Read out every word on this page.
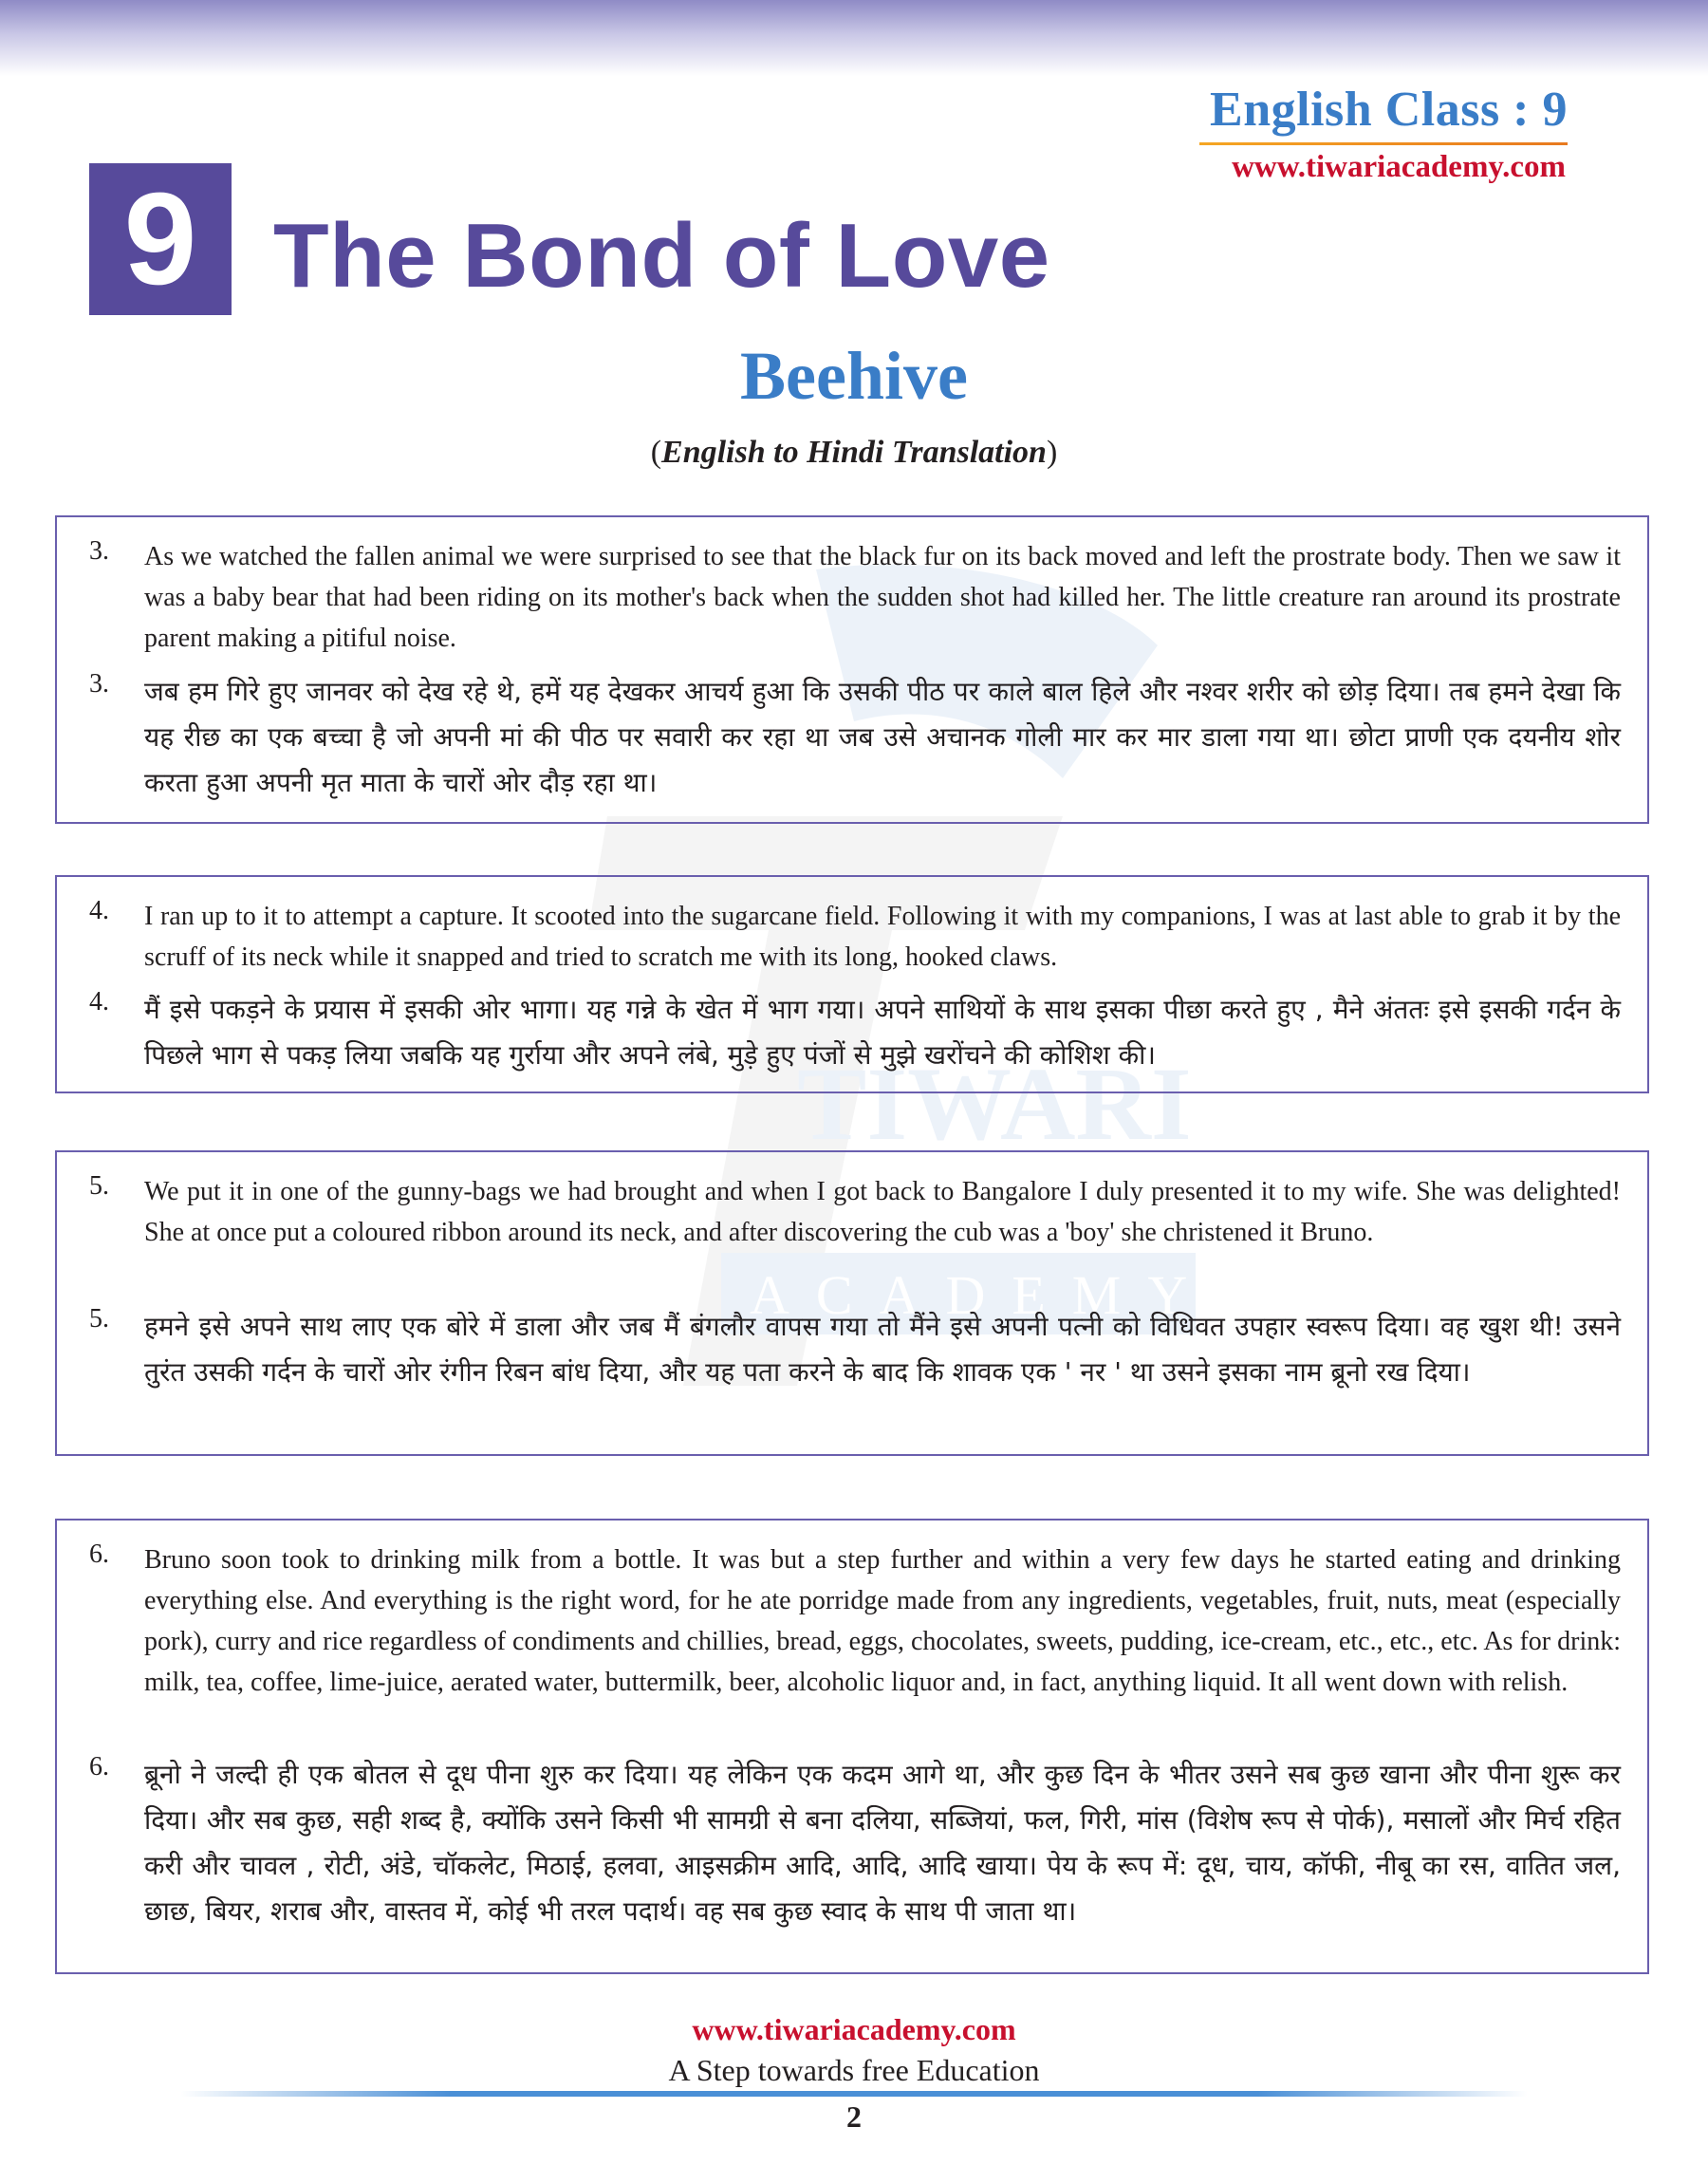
TIWARI
ACADEMY
English Class : 9
www.tiwariacademy.com
9 The Bond of Love
Beehive
(English to Hindi Translation)
3.	As we watched the fallen animal we were surprised to see that the black fur on its back moved and left the prostrate body. Then we saw it was a baby bear that had been riding on its mother's back when the sudden shot had killed her. The little creature ran around its prostrate parent making a pitiful noise.
3.	जब हम गिरे हुए जानवर को देख रहे थे, हमें यह देखकर आचर्य हुआ कि उसकी पीठ पर काले बाल हिले और नश्वर शरीर को छोड़ दिया। तब हमने देखा कि यह रीछ का एक बच्चा है जो अपनी मां की पीठ पर सवारी कर रहा था जब उसे अचानक गोली मार कर मार डाला गया था। छोटा प्राणी एक दयनीय शोर करता हुआ अपनी मृत माता के चारों ओर दौड़ रहा था।
4.	I ran up to it to attempt a capture. It scooted into the sugarcane field. Following it with my companions, I was at last able to grab it by the scruff of its neck while it snapped and tried to scratch me with its long, hooked claws.
4.	मैं इसे पकड़ने के प्रयास में इसकी ओर भागा। यह गन्ने के खेत में भाग गया। अपने साथियों के साथ इसका पीछा करते हुए , मैने अंततः इसे इसकी गर्दन के पिछले भाग से पकड़ लिया जबकि यह गुर्राया और अपने लंबे, मुड़े हुए पंजों से मुझे खरोंचने की कोशिश की।
5.	We put it in one of the gunny-bags we had brought and when I got back to Bangalore I duly presented it to my wife. She was delighted! She at once put a coloured ribbon around its neck, and after discovering the cub was a 'boy' she christened it Bruno.
5.	हमने इसे अपने साथ लाए एक बोरे में डाला और जब मैं बंगलौर वापस गया तो मैंने इसे अपनी पत्नी को विधिवत उपहार स्वरूप दिया। वह खुश थी! उसने तुरंत उसकी गर्दन के चारों ओर रंगीन रिबन बांध दिया, और यह पता करने के बाद कि शावक एक ' नर ' था उसने इसका नाम ब्रूनो रख दिया।
6.	Bruno soon took to drinking milk from a bottle. It was but a step further and within a very few days he started eating and drinking everything else. And everything is the right word, for he ate porridge made from any ingredients, vegetables, fruit, nuts, meat (especially pork), curry and rice regardless of condiments and chillies, bread, eggs, chocolates, sweets, pudding, ice-cream, etc., etc., etc. As for drink: milk, tea, coffee, lime-juice, aerated water, buttermilk, beer, alcoholic liquor and, in fact, anything liquid. It all went down with relish.
6.	ब्रूनो ने जल्दी ही एक बोतल से दूध पीना शुरु कर दिया। यह लेकिन एक कदम आगे था, और कुछ दिन के भीतर उसने सब कुछ खाना और पीना शुरू कर दिया। और सब कुछ, सही शब्द है, क्योंकि उसने किसी भी सामग्री से बना दलिया, सब्जियां, फल, गिरी, मांस (विशेष रूप से पोर्क), मसालों और मिर्च रहित करी और चावल , रोटी, अंडे, चॉकलेट, मिठाई, हलवा, आइसक्रीम आदि, आदि, आदि खाया। पेय के रूप में: दूध, चाय, कॉफी, नीबू का रस, वातित जल, छाछ, बियर, शराब और, वास्तव में, कोई भी तरल पदार्थ। वह सब कुछ स्वाद के साथ पी जाता था।
www.tiwariacademy.com
A Step towards free Education
2
